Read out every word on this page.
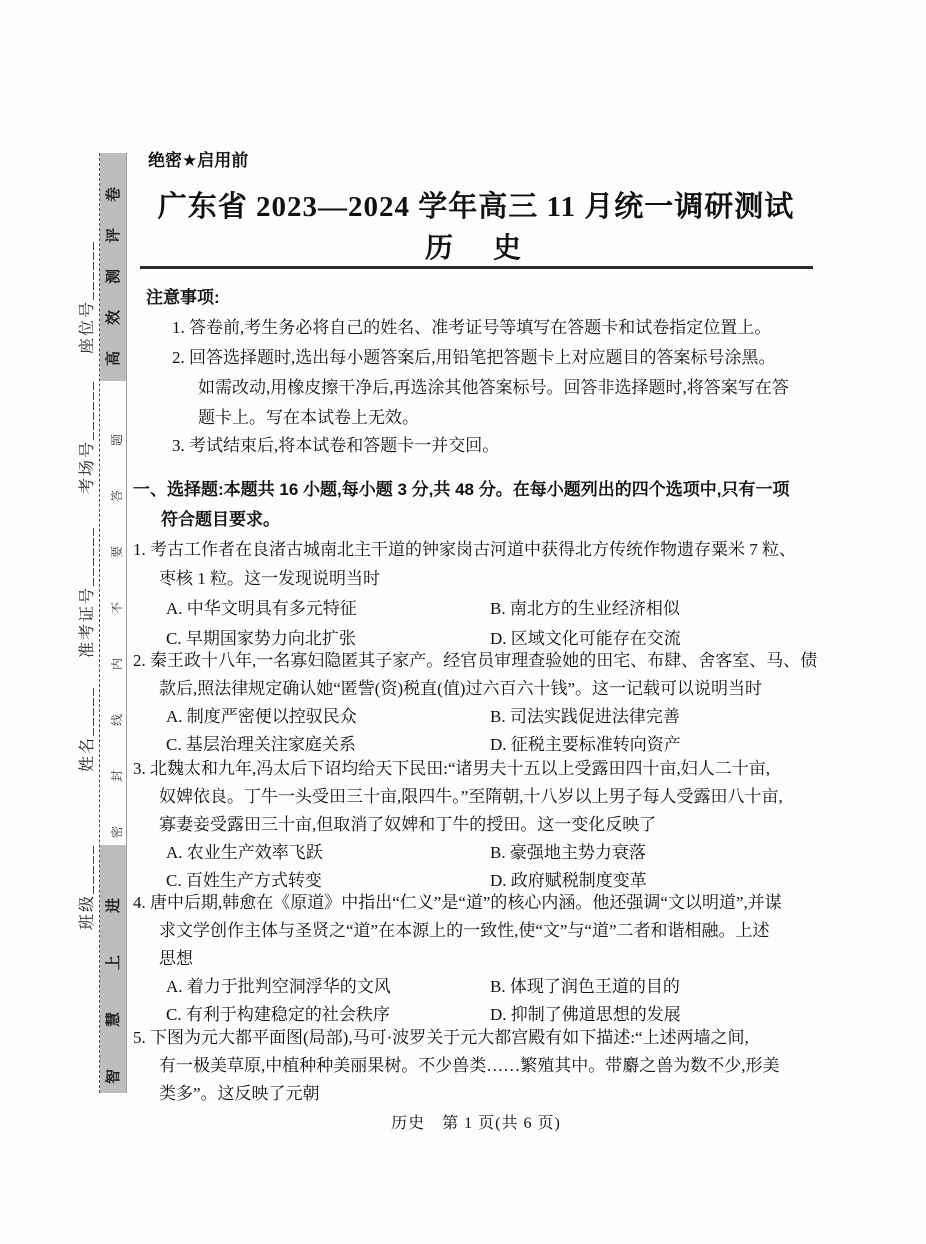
高效测评卷
密封线内不要答题
智慧上进
座位号______
考场号______
准考证号______
姓名_____
班级_____
绝密★启用前
广东省 2023—2024 学年高三 11 月统一调研测试
历　史
注意事项:
1. 答卷前,考生务必将自己的姓名、准考证号等填写在答题卡和试卷指定位置上。
2. 回答选择题时,选出每小题答案后,用铅笔把答题卡上对应题目的答案标号涂黑。
如需改动,用橡皮擦干净后,再选涂其他答案标号。回答非选择题时,将答案写在答
题卡上。写在本试卷上无效。
3. 考试结束后,将本试卷和答题卡一并交回。
一、选择题:本题共 16 小题,每小题 3 分,共 48 分。在每小题列出的四个选项中,只有一项
符合题目要求。
1. 考古工作者在良渚古城南北主干道的钟家岗古河道中获得北方传统作物遗存粟米 7 粒、
枣核 1 粒。这一发现说明当时
A. 中华文明具有多元特征	B. 南北方的生业经济相似
C. 早期国家势力向北扩张	D. 区域文化可能存在交流
2. 秦王政十八年,一名寡妇隐匿其子家产。经官员审理查验她的田宅、布肆、舍客室、马、债
款后,照法律规定确认她“匿訾(资)税直(值)过六百六十钱”。这一记载可以说明当时
A. 制度严密便以控驭民众	B. 司法实践促进法律完善
C. 基层治理关注家庭关系	D. 征税主要标准转向资产
3. 北魏太和九年,冯太后下诏均给天下民田:“诸男夫十五以上受露田四十亩,妇人二十亩,
奴婢依良。丁牛一头受田三十亩,限四牛。”至隋朝,十八岁以上男子每人受露田八十亩,
寡妻妾受露田三十亩,但取消了奴婢和丁牛的授田。这一变化反映了
A. 农业生产效率飞跃	B. 豪强地主势力衰落
C. 百姓生产方式转变	D. 政府赋税制度变革
4. 唐中后期,韩愈在《原道》中指出“仁义”是“道”的核心内涵。他还强调“文以明道”,并谋
求文学创作主体与圣贤之“道”在本源上的一致性,使“文”与“道”二者和谐相融。上述
思想
A. 着力于批判空洞浮华的文风	B. 体现了润色王道的目的
C. 有利于构建稳定的社会秩序	D. 抑制了佛道思想的发展
5. 下图为元大都平面图(局部),马可·波罗关于元大都宫殿有如下描述:“上述两墙之间,
有一极美草原,中植种种美丽果树。不少兽类……繁殖其中。带麝之兽为数不少,形美
类多”。这反映了元朝
历史　第 1 页(共 6 页)
